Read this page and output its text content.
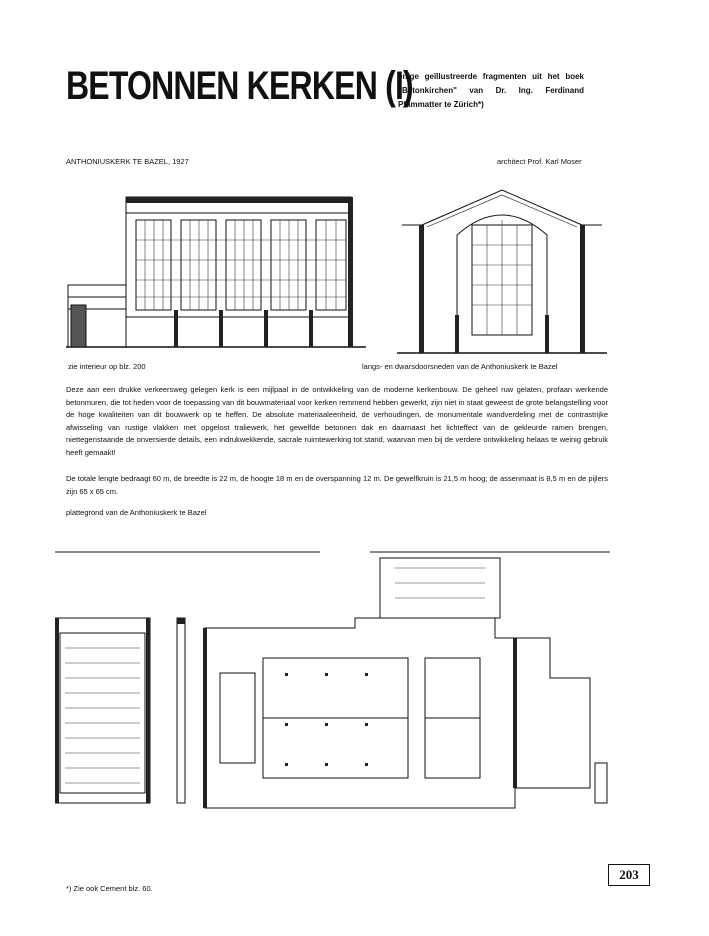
BETONNEN KERKEN (I)
enige geïllustreerde fragmenten uit het boek „Betonkirchen" van Dr. Ing. Ferdinand Pfammatter te Zürich*)
ANTHONIUSKERK TE BAZEL, 1927	architect Prof. Karl Moser
zie interieur op blz. 200	langs- en dwarsdoorsneden van de Anthoniuskerk te Bazel
Deze aan een drukke verkeersweg gelegen kerk is een mijlpaal in de ontwikkeling van de moderne kerkenbouw. De geheel ruw gelaten, profaan werkende betonmuren, die tot heden voor de toepassing van dit bouwmateriaal voor kerken remmend hebben gewerkt, zijn niet in staat geweest de grote belangstelling voor de hoge kwaliteiten van dit bouwwerk op te heffen. De absolute materiaaleenheid, de verhoudingen, de monumentale wandverdeling met de contrastrijke afwisseling van rustige vlakken met opgelost traliewerk, het gewelfde betonnen dak en daarnaast het lichteffect van de gekleurde ramen brengen, niettegenstaande de onversierde details, een indrukwekkende, sacrale ruimtewerking tot stand, waarvan men bij de verdere ontwikkeling helaas te weinig gebruik heeft gemaakt!
De totale lengte bedraagt 60 m, de breedte is 22 m, de hoogte 18 m en de overspanning 12 m. De gewelfkruin is 21,5 m hoog; de assenmaat is 8,5 m en de pijlers zijn 65 x 65 cm.
plattegrond van de Anthoniuskerk te Bazel
203
*) Zie ook Cement blz. 60.
